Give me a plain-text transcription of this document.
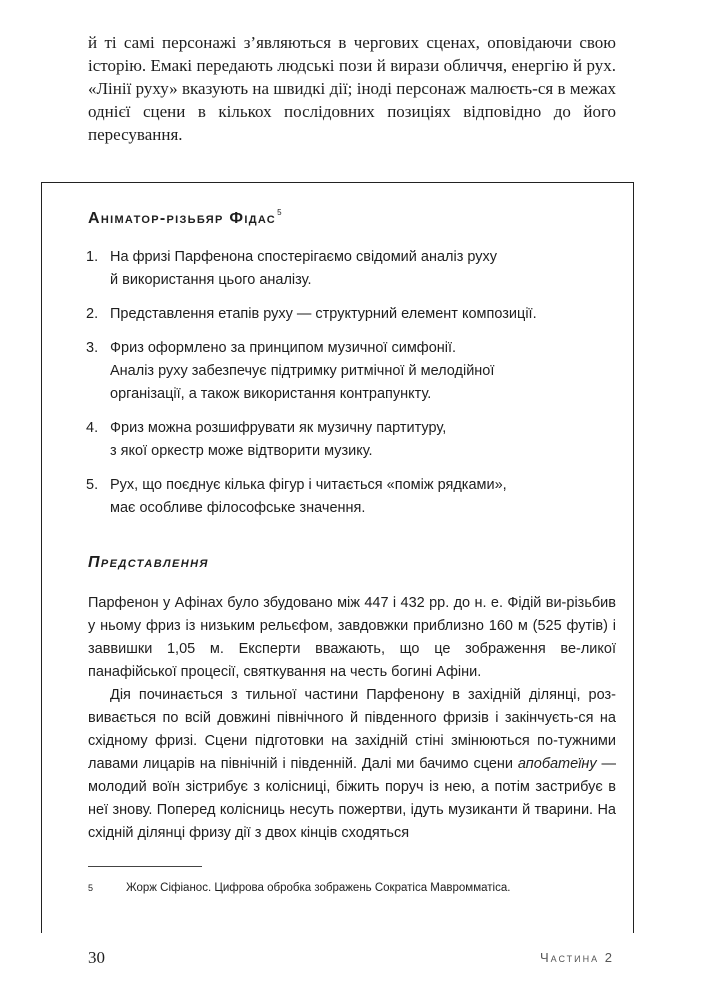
й ті самі персонажі з’являються в чергових сценах, оповідаючи свою історію. Емакі передають людські пози й вирази обличчя, енергію й рух. «Лінії руху» вказують на швидкі дії; іноді персонаж малюєть-ся в межах однієї сцени в кількох послідовних позиціях відповідно до його пересування.

Аніматор-різьбяр Фідас$^5$
1. На фризі Парфенона спостерігаємо свідомий аналіз руху
й використання цього аналізу.
2. Представлення етапів руху — структурний елемент композиції.
3. Фриз оформлено за принципом музичної симфонії.
Аналіз руху забезпечує підтримку ритмічної й мелодійної
організації, а також використання контрапункту.
4. Фриз можна розшифрувати як музичну партитуру,
з якої оркестр може відтворити музику.
5. Рух, що поєднує кілька фігур і читається «поміж рядками»,
має особливе філософське значення.
Представлення

Парфенон у Афінах було збудовано між 447 і 432 рр. до н. е. Фідій ви-різьбив у ньому фриз із низьким рельєфом, завдовжки приблизно 160 м (525 футів) і заввишки 1,05 м. Експерти вважають, що це зображення ве-ликої панафійської процесії, святкування на честь богині Афіни.

Дія починається з тильної частини Парфенону в західній ділянці, роз-вивається по всій довжині північного й південного фризів і закінчуєть-ся на східному фризі. Сцени підготовки на західній стіні змінюються по-тужними лавами лицарів на північній і південній. Далі ми бачимо сцени апобатеїну — молодий воїн зістрибує з колісниці, біжить поруч із нею, а потім застрибує в неї знову. Поперед колісниць несуть пожертви, ідуть музиканти й тварини. На східній ділянці фризу дії з двох кінців сходяться

5	Жорж Сіфіанос. Цифрова обробка зображень Сократіса Мавромматіса.
30	Частина 2
